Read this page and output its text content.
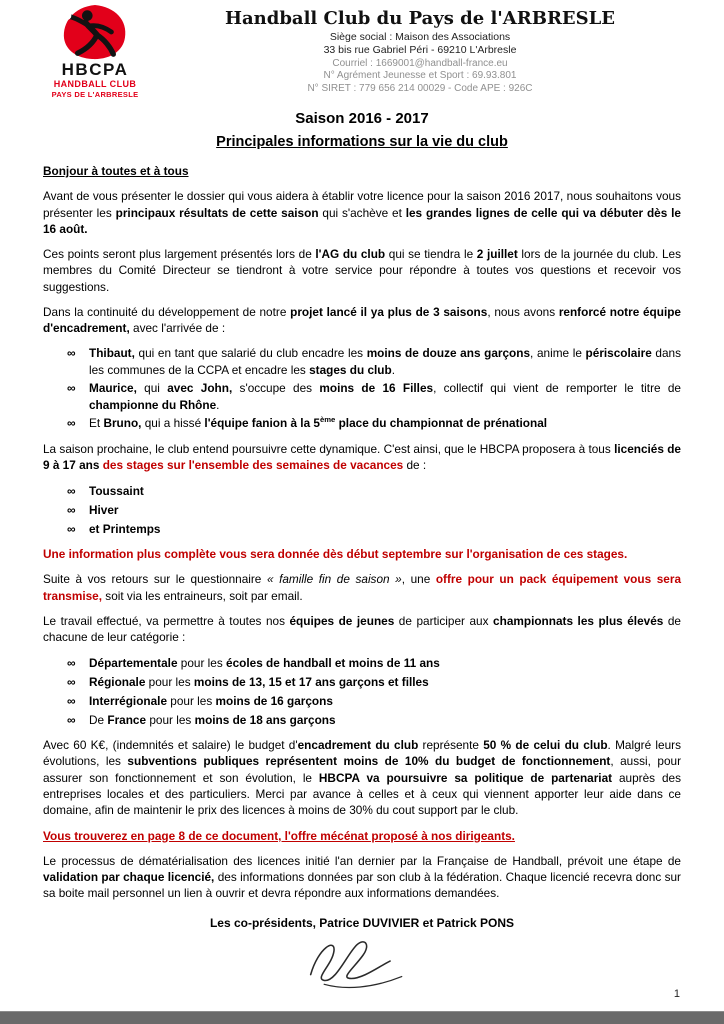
HBCPA
HANDBALL CLUB
PAYS DE L'ARBRESLE
Handball Club du Pays de l'ARBRESLE
Siège social : Maison des Associations
33 bis rue Gabriel Péri - 69210 L'Arbresle
Courriel : 1669001@handball-france.eu
N° Agrément Jeunesse et Sport : 69.93.801
N° SIRET : 779 656 214 00029 - Code APE : 926C
Saison 2016 - 2017
Principales informations sur la vie du club

Bonjour à toutes et à tous

Avant de vous présenter le dossier qui vous aidera à établir votre licence pour la saison 2016 2017, nous souhaitons vous présenter les principaux résultats de cette saison qui s'achève et les grandes lignes de celle qui va débuter dès le 16 août.

Ces points seront plus largement présentés lors de l'AG du club qui se tiendra le 2 juillet lors de la journée du club. Les membres du Comité Directeur se tiendront à votre service pour répondre à toutes vos questions et recevoir vos suggestions.

Dans la continuité du développement de notre projet lancé il ya plus de 3 saisons, nous avons renforcé notre équipe d'encadrement, avec l'arrivée de :

∞	Thibaut, qui en tant que salarié du club encadre les moins de douze ans garçons, anime le périscolaire dans les communes de la CCPA et encadre les stages du club.
∞	Maurice, qui avec John, s'occupe des moins de 16 Filles, collectif qui vient de remporter le titre de championne du Rhône.
∞	Et Bruno, qui a hissé l'équipe fanion à la 5ème place du championnat de prénational

La saison prochaine, le club entend poursuivre cette dynamique. C'est ainsi, que le HBCPA proposera à tous licenciés de 9 à 17 ans des stages sur l'ensemble des semaines de vacances de :

∞	Toussaint
∞	Hiver
∞	et Printemps

Une information plus complète vous sera donnée dès début septembre sur l'organisation de ces stages.

Suite à vos retours sur le questionnaire « famille fin de saison », une offre pour un pack équipement vous sera transmise, soit via les entraineurs, soit par email.

Le travail effectué, va permettre à toutes nos équipes de jeunes de participer aux championnats les plus élevés de chacune de leur catégorie :

∞	Départementale pour les écoles de handball et moins de 11 ans
∞	Régionale pour les moins de 13, 15 et 17 ans garçons et filles
∞	Interrégionale pour les moins de 16 garçons
∞	De France pour les moins de 18 ans garçons

Avec 60 K€, (indemnités et salaire) le budget d'encadrement du club représente 50 % de celui du club. Malgré leurs évolutions, les subventions publiques représentent moins de 10% du budget de fonctionnement, aussi, pour assurer son fonctionnement et son évolution, le HBCPA va poursuivre sa politique de partenariat auprès des entreprises locales et des particuliers. Merci par avance à celles et à ceux qui viennent apporter leur aide dans ce domaine, afin de maintenir le prix des licences à moins de 30% du cout support par le club.

Vous trouverez en page 8 de ce document, l'offre mécénat proposé à nos dirigeants.

Le processus de dématérialisation des licences initié l'an dernier par la Française de Handball, prévoit une étape de validation par chaque licencié, des informations données par son club à la fédération. Chaque licencié recevra donc sur sa boite mail personnel un lien à ouvrir et devra répondre aux informations demandées.

Les co-présidents, Patrice DUVIVIER et Patrick PONS
1
